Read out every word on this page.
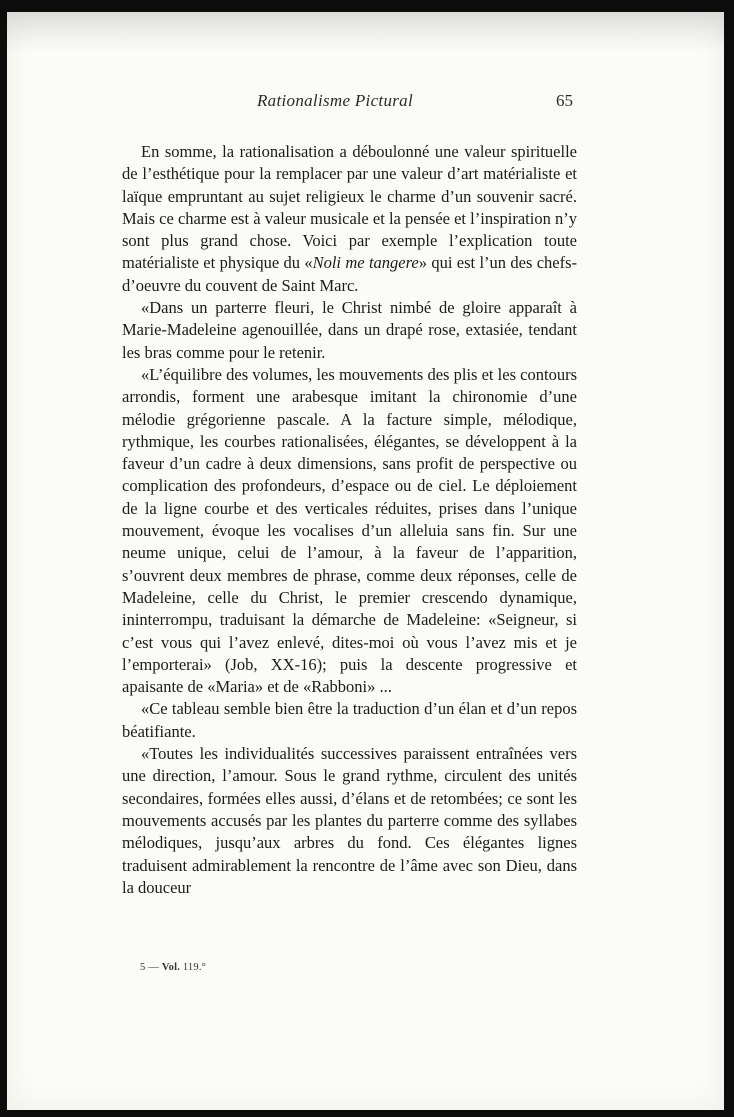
Rationalisme Pictural	65

En somme, la rationalisation a déboulonné une valeur spirituelle de l’esthétique pour la remplacer par une valeur d’art matérialiste et laïque empruntant au sujet religieux le charme d’un souvenir sacré. Mais ce charme est à valeur musicale et la pensée et l’inspiration n’y sont plus grand chose. Voici par exemple l’explication toute matérialiste et physique du «Noli me tangere» qui est l’un des chefs-d’oeuvre du couvent de Saint Marc.

«Dans un parterre fleuri, le Christ nimbé de gloire apparaît à Marie-Madeleine agenouillée, dans un drapé rose, extasiée, tendant les bras comme pour le retenir.

«L’équilibre des volumes, les mouvements des plis et les contours arrondis, forment une arabesque imitant la chironomie d’une mélodie grégorienne pascale. A la facture simple, mélodique, rythmique, les courbes rationalisées, élégantes, se développent à la faveur d’un cadre à deux dimensions, sans profit de perspective ou complication des profondeurs, d’espace ou de ciel. Le déploiement de la ligne courbe et des verticales réduites, prises dans l’unique mouvement, évoque les vocalises d’un alleluia sans fin. Sur une neume unique, celui de l’amour, à la faveur de l’apparition, s’ouvrent deux membres de phrase, comme deux réponses, celle de Madeleine, celle du Christ, le premier crescendo dynamique, ininterrompu, traduisant la démarche de Madeleine: «Seigneur, si c’est vous qui l’avez enlevé, dites-moi où vous l’avez mis et je l’emporterai» (Job, XX-16); puis la descente progressive et apaisante de «Maria» et de «Rabboni» ...

«Ce tableau semble bien être la traduction d’un élan et d’un repos béatifiante.

«Toutes les individualités successives paraissent entraînées vers une direction, l’amour. Sous le grand rythme, circulent des unités secondaires, formées elles aussi, d’élans et de retombées; ce sont les mouvements accusés par les plantes du parterre comme des syllabes mélodiques, jusqu’aux arbres du fond. Ces élégantes lignes traduisent admirablement la rencontre de l’âme avec son Dieu, dans la douceur

5 — Vol. 119.°
